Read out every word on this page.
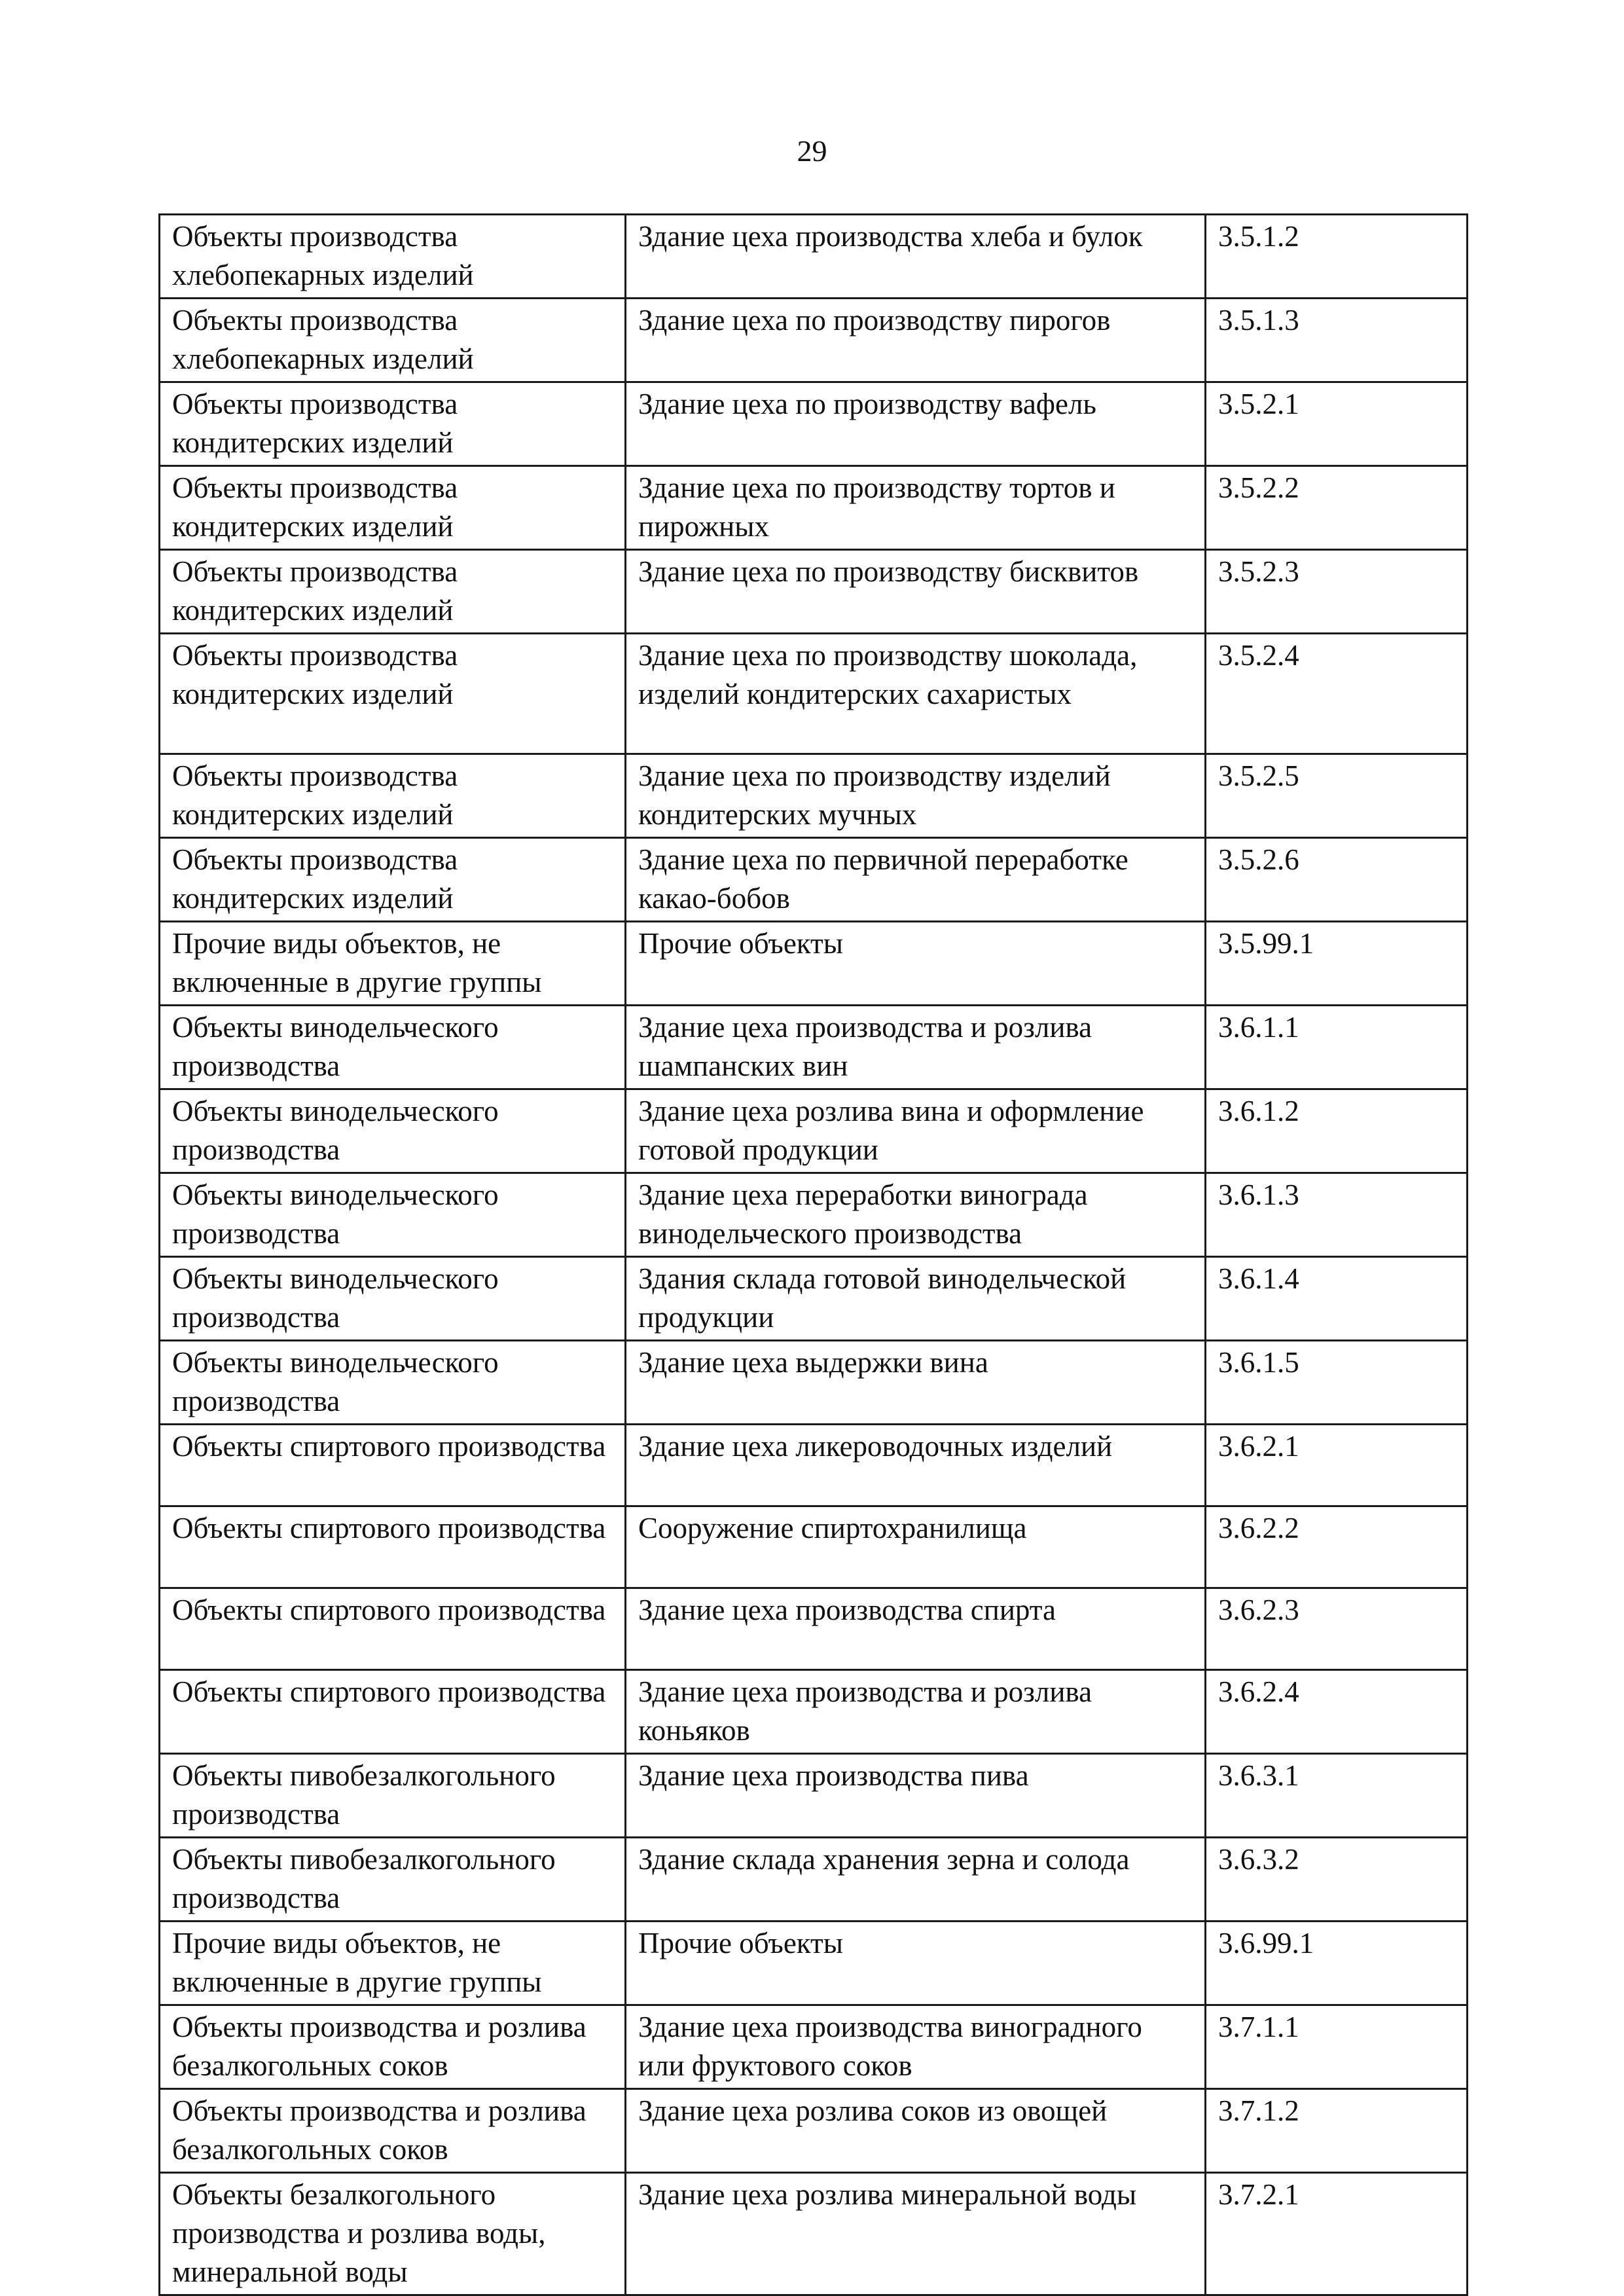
29
Объекты производства хлебопекарных изделий	Здание цеха производства хлеба и булок	3.5.1.2
Объекты производства хлебопекарных изделий	Здание цеха по производству пирогов	3.5.1.3
Объекты производства кондитерских изделий	Здание цеха по производству вафель	3.5.2.1
Объекты производства кондитерских изделий	Здание цеха по производству тортов и пирожных	3.5.2.2
Объекты производства кондитерских изделий	Здание цеха по производству бисквитов	3.5.2.3
Объекты производства кондитерских изделий	Здание цеха по производству шоколада, изделий кондитерских сахаристых	3.5.2.4
Объекты производства кондитерских изделий	Здание цеха по производству изделий кондитерских мучных	3.5.2.5
Объекты производства кондитерских изделий	Здание цеха по первичной переработке какао-бобов	3.5.2.6
Прочие виды объектов, не включенные в другие группы	Прочие объекты	3.5.99.1
Объекты винодельческого производства	Здание цеха производства и розлива шампанских вин	3.6.1.1
Объекты винодельческого производства	Здание цеха розлива вина и оформление готовой продукции	3.6.1.2
Объекты винодельческого производства	Здание цеха переработки винограда винодельческого производства	3.6.1.3
Объекты винодельческого производства	Здания склада готовой винодельческой продукции	3.6.1.4
Объекты винодельческого производства	Здание цеха выдержки вина	3.6.1.5
Объекты спиртового производства	Здание цеха ликероводочных изделий	3.6.2.1
Объекты спиртового производства	Сооружение спиртохранилища	3.6.2.2
Объекты спиртового производства	Здание цеха производства спирта	3.6.2.3
Объекты спиртового производства	Здание цеха производства и розлива коньяков	3.6.2.4
Объекты пивобезалкогольного производства	Здание цеха производства пива	3.6.3.1
Объекты пивобезалкогольного производства	Здание склада хранения зерна и солода	3.6.3.2
Прочие виды объектов, не включенные в другие группы	Прочие объекты	3.6.99.1
Объекты производства и розлива безалкогольных соков	Здание цеха производства виноградного или фруктового соков	3.7.1.1
Объекты производства и розлива безалкогольных соков	Здание цеха розлива соков из овощей	3.7.1.2
Объекты безалкогольного производства и розлива воды, минеральной воды	Здание цеха розлива минеральной воды	3.7.2.1
